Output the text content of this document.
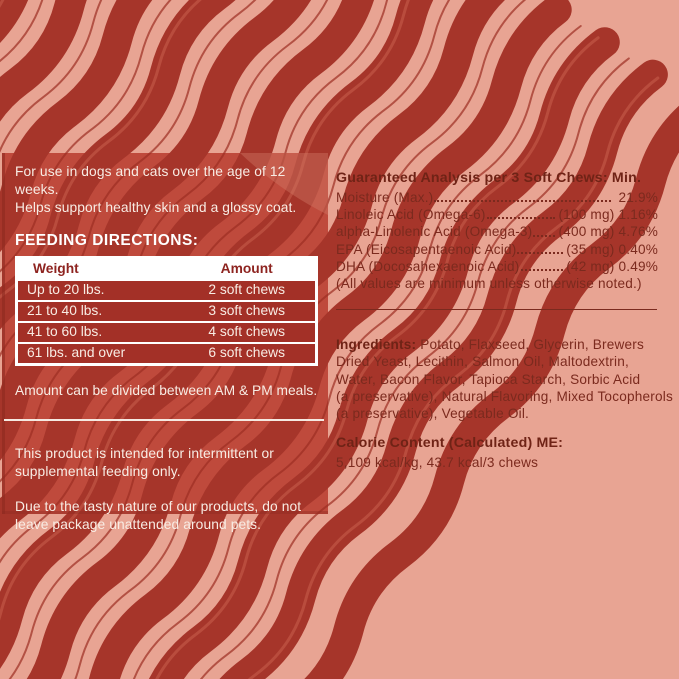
For use in dogs and cats over the age of 12 weeks.
Helps support healthy skin and a glossy coat.
FEEDING DIRECTIONS:
Weight	Amount
Up to 20 lbs.	2 soft chews
21 to 40 lbs.	3 soft chews
41 to 60 lbs.	4 soft chews
61 lbs. and over	6 soft chews

Amount can be divided between AM & PM meals.

This product is intended for intermittent or
supplemental feeding only.
Due to the tasty nature of our products, do not
leave package unattended around pets.
Guaranteed Analysis per 3 Soft Chews: Min.
Moisture (Max.)	21.9%
Linoleic Acid (Omega-6)	(100 mg) 1.16%
alpha-Linolenic Acid (Omega-3) (400 mg) 4.76%
EPA (Eicosapentaenoic Acid)	(35 mg) 0.40%
DHA (Docosahexaenoic Acid)	(42 mg) 0.49%
(All values are minimum unless otherwise noted.)
Ingredients: Potato, Flaxseed, Glycerin, Brewers
Dried Yeast, Lecithin, Salmon Oil, Maltodextrin,
Water, Bacon Flavor, Tapioca Starch, Sorbic Acid
(a preservative), Natural Flavoring, Mixed Tocopherols
(a preservative), Vegetable Oil.
Calorie Content (Calculated) ME:

5,109 kcal/kg, 43.7 kcal/3 chews
